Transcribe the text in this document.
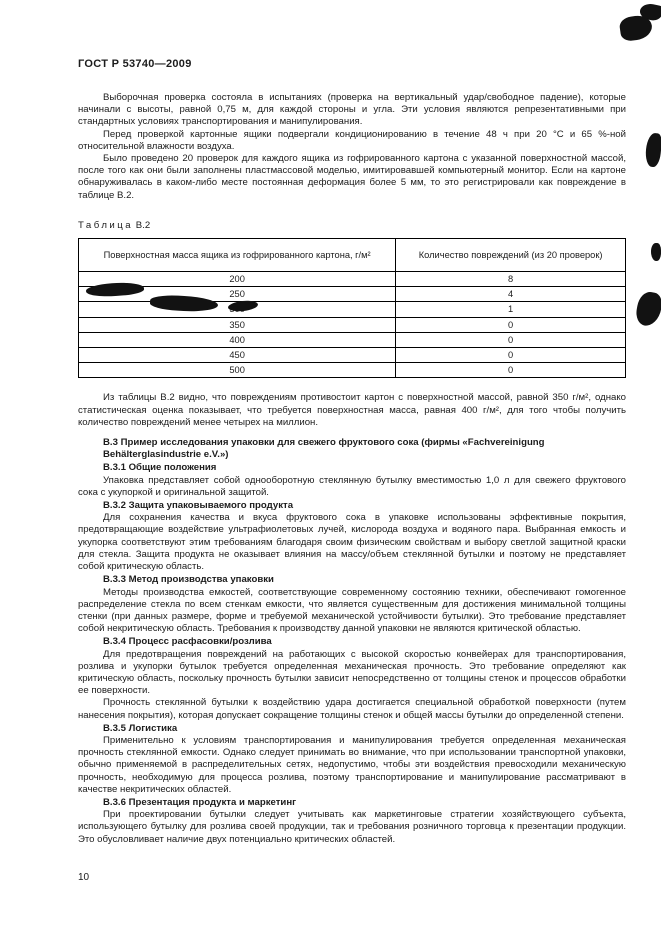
ГОСТ Р 53740—2009

Выборочная проверка состояла в испытаниях (проверка на вертикальный удар/свободное падение), которые начинали с высоты, равной 0,75 м, для каждой стороны и угла. Эти условия являются репрезентативными при стандартных условиях транспортирования и манипулирования.

Перед проверкой картонные ящики подвергали кондиционированию в течение 48 ч при 20 °С и 65 %-ной относительной влажности воздуха.

Было проведено 20 проверок для каждого ящика из гофрированного картона с указанной поверхностной массой, после того как они были заполнены пластмассовой моделью, имитировавшей компьютерный монитор. Если на картоне обнаруживалась в каком-либо месте постоянная деформация более 5 мм, то это регистрировали как повреждение в таблице В.2.

Таблица В.2
Поверхностная масса ящика из гофрированного картона, г/м²	Количество повреждений (из 20 проверок)
200	8
250	4
	1
350	0
400	0
450	0
500	0

Из таблицы В.2 видно, что повреждениям противостоит картон с поверхностной массой, равной 350 г/м², однако статистическая оценка показывает, что требуется поверхностная масса, равная 400 г/м², для того чтобы получить количество повреждений менее четырех на миллион.

В.3 Пример исследования упаковки для свежего фруктового сока (фирмы «Fachvereinigung Behälterglasindustrie e.V.»)
В.3.1 Общие положения

Упаковка представляет собой однооборотную стеклянную бутылку вместимостью 1,0 л для свежего фруктового сока с укупоркой и оригинальной защитой.

В.3.2 Защита упаковываемого продукта

Для сохранения качества и вкуса фруктового сока в упаковке использованы эффективные покрытия, предотвращающие воздействие ультрафиолетовых лучей, кислорода воздуха и водяного пара. Выбранная емкость и укупорка соответствуют этим требованиям благодаря своим физическим свойствам и выбору светлой защитной краски для стекла. Защита продукта не оказывает влияния на массу/объем стеклянной бутылки и поэтому не представляет собой критическую область.

В.3.3 Метод производства упаковки

Методы производства емкостей, соответствующие современному состоянию техники, обеспечивают гомогенное распределение стекла по всем стенкам емкости, что является существенным для достижения минимальной толщины стенки (при данных размере, форме и требуемой механической устойчивости бутылки). Это требование представляет собой некритическую область. Требования к производству данной упаковки не являются критической областью.

В.3.4 Процесс расфасовки/розлива

Для предотвращения повреждений на работающих с высокой скоростью конвейерах для транспортирования, розлива и укупорки бутылок требуется определенная механическая прочность. Это требование определяют как критическую область, поскольку прочность бутылки зависит непосредственно от толщины стенок и процессов обработки ее поверхности.

Прочность стеклянной бутылки к воздействию удара достигается специальной обработкой поверхности (путем нанесения покрытия), которая допускает сокращение толщины стенок и общей массы бутылки до определенной степени.

В.3.5 Логистика

Применительно к условиям транспортирования и манипулирования требуется определенная механическая прочность стеклянной емкости. Однако следует принимать во внимание, что при использовании транспортной упаковки, обычно применяемой в распределительных сетях, недопустимо, чтобы эти воздействия превосходили механическую прочность, необходимую для процесса розлива, поэтому транспортирование и манипулирование рассматривают в качестве некритических областей.

В.3.6 Презентация продукта и маркетинг

При проектировании бутылки следует учитывать как маркетинговые стратегии хозяйствующего субъекта, использующего бутылку для розлива своей продукции, так и требования розничного торговца к презентации продукции. Это обусловливает наличие двух потенциально критических областей.

10
